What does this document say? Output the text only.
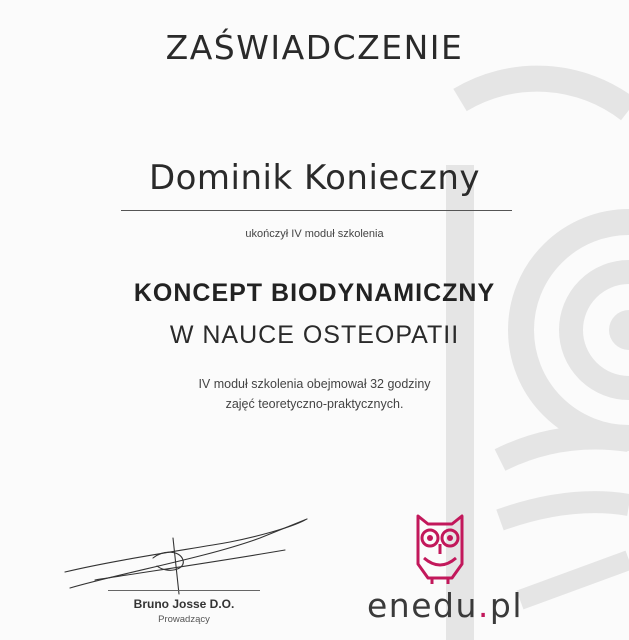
ZAŚWIADCZENIE
Dominik Konieczny
ukończył IV moduł szkolenia
KONCEPT BIODYNAMICZNY
W NAUCE OSTEOPATII
IV moduł szkolenia obejmował 32 godziny
zajęć teoretyczno-praktycznych.
Bruno Josse D.O.
Prowadzący	enedu.pl
